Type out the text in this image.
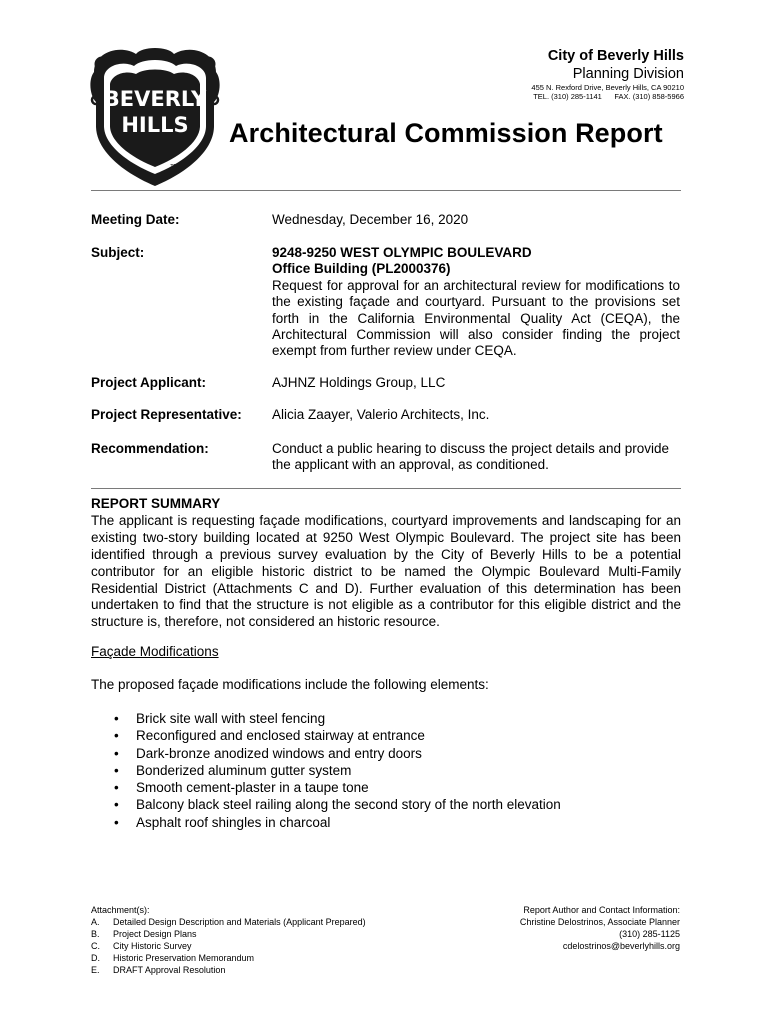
BEVERLY
HILLS
TM
City of Beverly Hills
Planning Division
455 N. Rexford Drive, Beverly Hills, CA 90210
TEL. (310) 285-1141 FAX. (310) 858-5966
Architectural Commission Report
Meeting Date:	Wednesday, December 16, 2020
Subject:	9248-9250 WEST OLYMPIC BOULEVARD
Office Building (PL2000376)
Request for approval for an architectural review for modifications to the existing façade and courtyard. Pursuant to the provisions set forth in the California Environmental Quality Act (CEQA), the Architectural Commission will also consider finding the project exempt from further review under CEQA.
Project Applicant:	AJHNZ Holdings Group, LLC
Project Representative: Alicia Zaayer, Valerio Architects, Inc.
Recommendation:	Conduct a public hearing to discuss the project details and provide the applicant with an approval, as conditioned.
REPORT SUMMARY
The applicant is requesting façade modifications, courtyard improvements and landscaping for an existing two-story building located at 9250 West Olympic Boulevard. The project site has been identified through a previous survey evaluation by the City of Beverly Hills to be a potential contributor for an eligible historic district to be named the Olympic Boulevard Multi-Family Residential District (Attachments C and D). Further evaluation of this determination has been undertaken to find that the structure is not eligible as a contributor for this eligible district and the structure is, therefore, not considered an historic resource.
Façade Modifications
The proposed façade modifications include the following elements:
• Brick site wall with steel fencing
• Reconfigured and enclosed stairway at entrance
• Dark-bronze anodized windows and entry doors
• Bonderized aluminum gutter system
• Smooth cement-plaster in a taupe tone
• Balcony black steel railing along the second story of the north elevation
• Asphalt roof shingles in charcoal
Attachment(s):
A.	Detailed Design Description and Materials (Applicant Prepared)
B.	Project Design Plans
C.	City Historic Survey
D.	Historic Preservation Memorandum
E.	DRAFT Approval Resolution
Report Author and Contact Information:
Christine Delostrinos, Associate Planner
(310) 285-1125
cdelostrinos@beverlyhills.org
